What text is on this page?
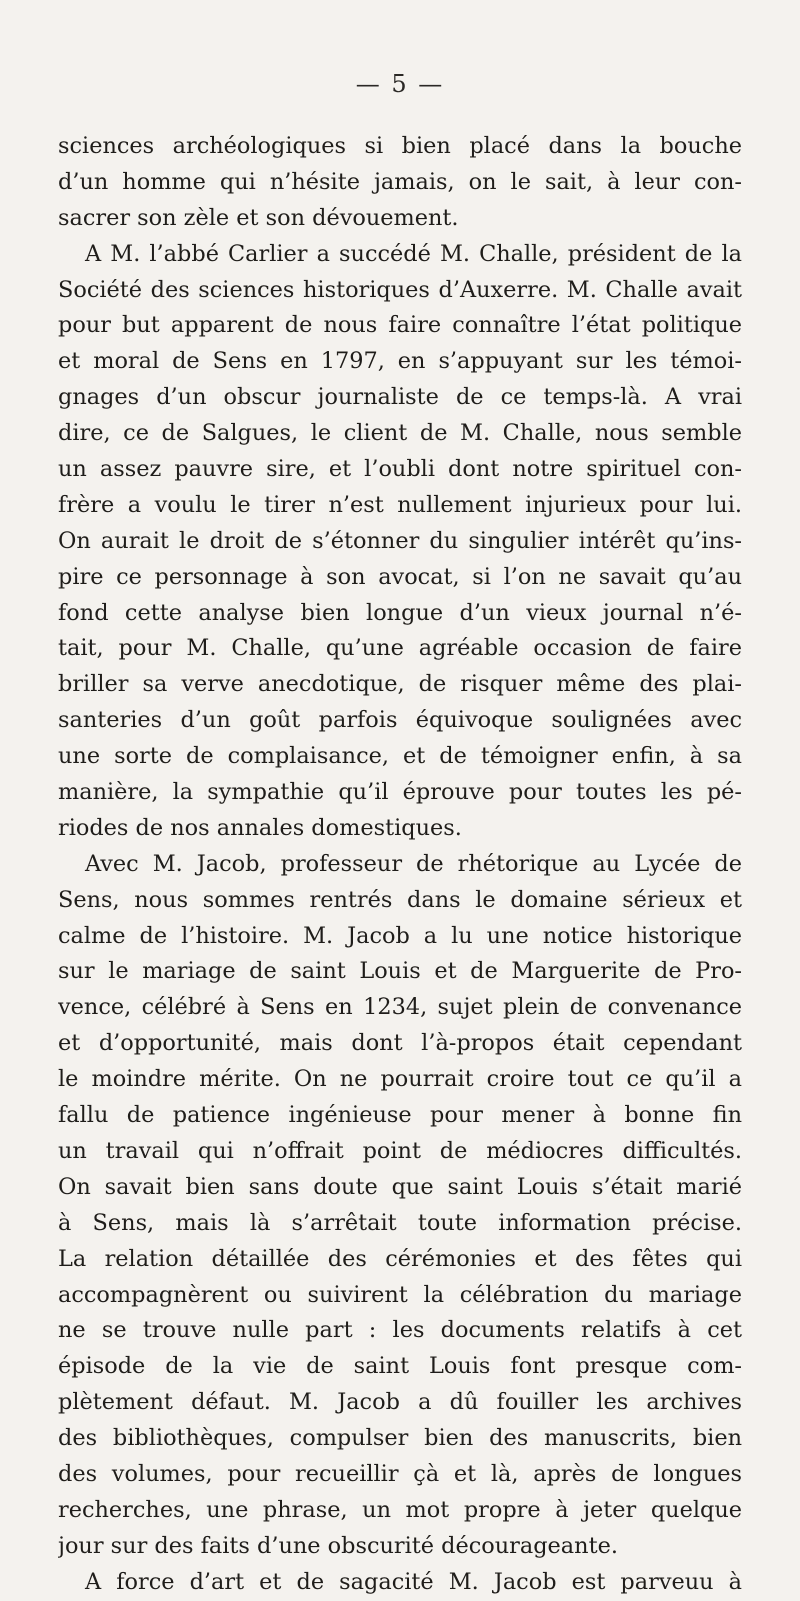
— 5 —
sciences archéologiques si bien placé dans la bouche
d’un homme qui n’hésite jamais, on le sait, à leur con-
sacrer son zèle et son dévouement.
A M. l’abbé Carlier a succédé M. Challe, président de la
Société des sciences historiques d’Auxerre. M. Challe avait
pour but apparent de nous faire connaître l’état politique
et moral de Sens en 1797, en s’appuyant sur les témoi-
gnages d’un obscur journaliste de ce temps-là. A vrai
dire, ce de Salgues, le client de M. Challe, nous semble
un assez pauvre sire, et l’oubli dont notre spirituel con-
frère a voulu le tirer n’est nullement injurieux pour lui.
On aurait le droit de s’étonner du singulier intérêt qu’ins-
pire ce personnage à son avocat, si l’on ne savait qu’au
fond cette analyse bien longue d’un vieux journal n’é-
tait, pour M. Challe, qu’une agréable occasion de faire
briller sa verve anecdotique, de risquer même des plai-
santeries d’un goût parfois équivoque soulignées avec
une sorte de complaisance, et de témoigner enfin, à sa
manière, la sympathie qu’il éprouve pour toutes les pé-
riodes de nos annales domestiques.
Avec M. Jacob, professeur de rhétorique au Lycée de
Sens, nous sommes rentrés dans le domaine sérieux et
calme de l’histoire. M. Jacob a lu une notice historique
sur le mariage de saint Louis et de Marguerite de Pro-
vence, célébré à Sens en 1234, sujet plein de convenance
et d’opportunité, mais dont l’à-propos était cependant
le moindre mérite. On ne pourrait croire tout ce qu’il a
fallu de patience ingénieuse pour mener à bonne fin
un travail qui n’offrait point de médiocres difficultés.
On savait bien sans doute que saint Louis s’était marié
à Sens, mais là s’arrêtait toute information précise.
La relation détaillée des cérémonies et des fêtes qui
accompagnèrent ou suivirent la célébration du mariage
ne se trouve nulle part : les documents relatifs à cet
épisode de la vie de saint Louis font presque com-
plètement défaut. M. Jacob a dû fouiller les archives
des bibliothèques, compulser bien des manuscrits, bien
des volumes, pour recueillir çà et là, après de longues
recherches, une phrase, un mot propre à jeter quelque
jour sur des faits d’une obscurité décourageante.
A force d’art et de sagacité M. Jacob est parveuu à
